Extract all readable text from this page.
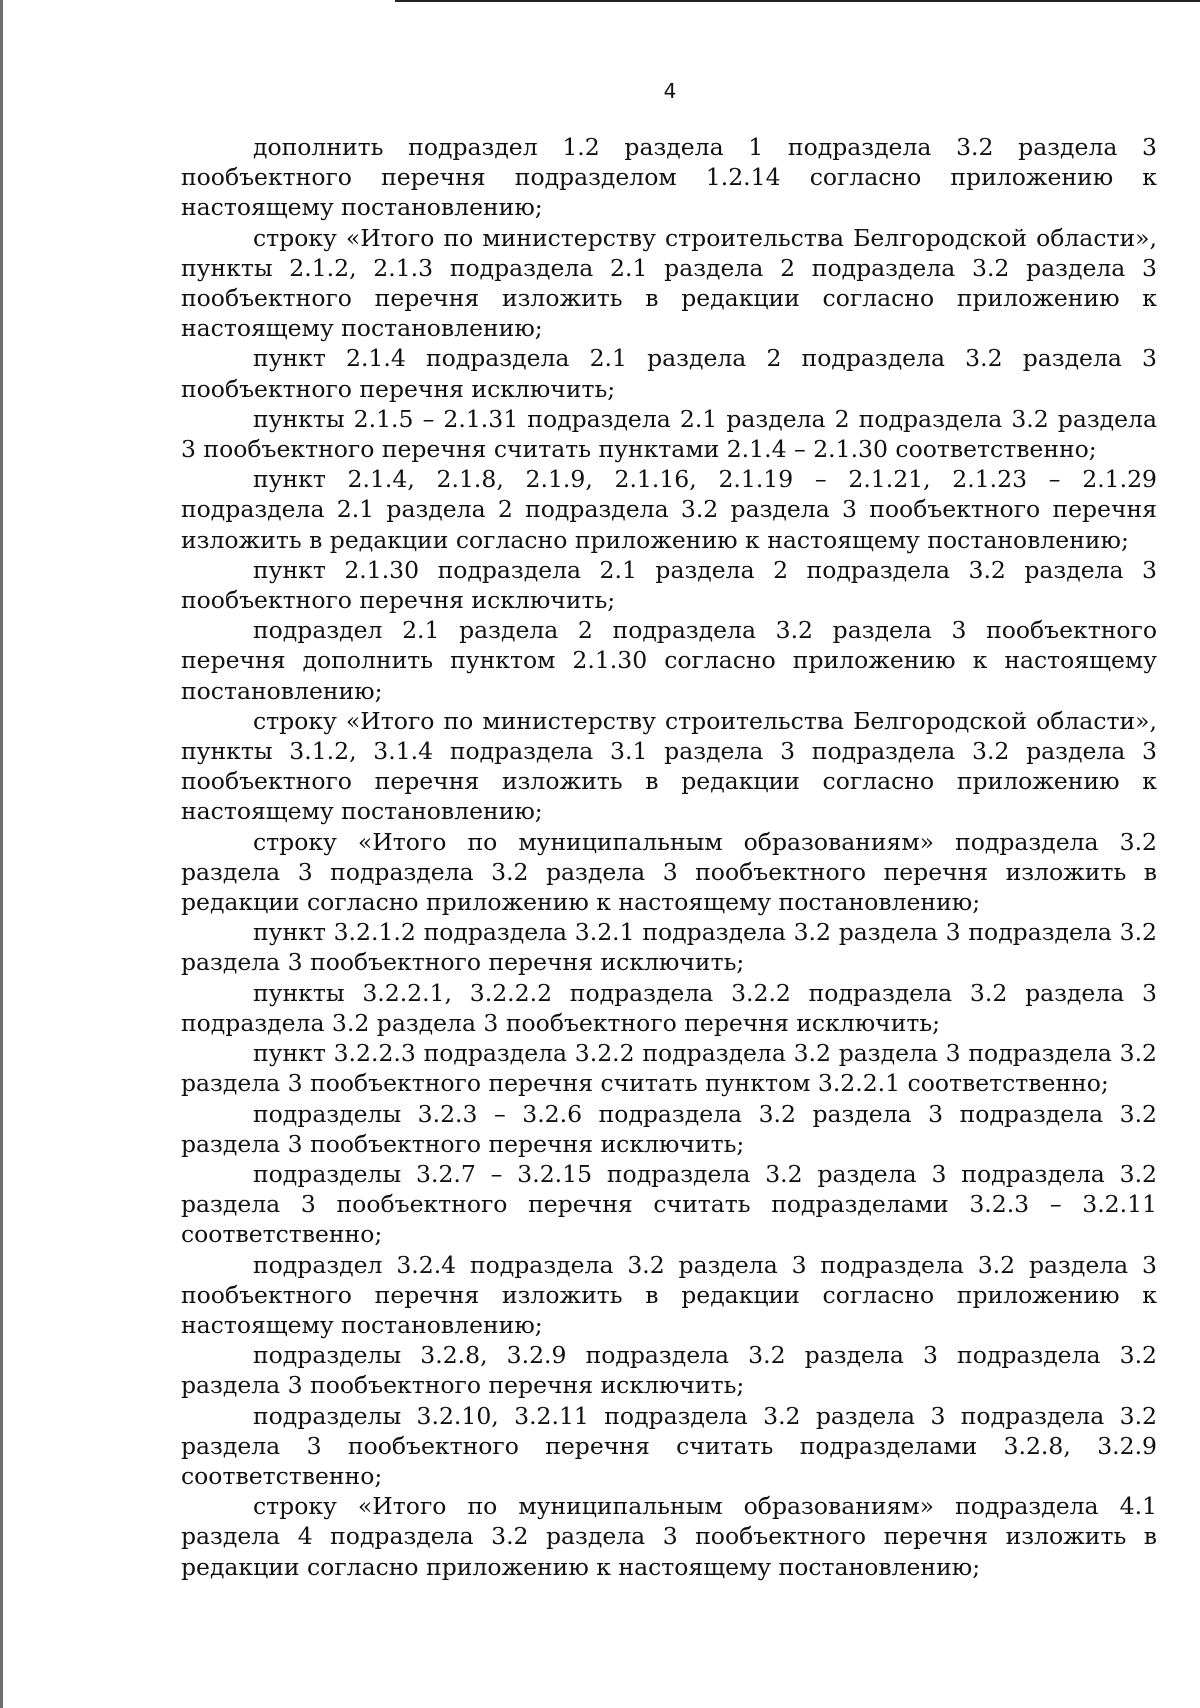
4

дополнить подраздел 1.2 раздела 1 подраздела 3.2 раздела 3 пообъектного перечня подразделом 1.2.14 согласно приложению к настоящему постановлению;

строку «Итого по министерству строительства Белгородской области», пункты 2.1.2, 2.1.3 подраздела 2.1 раздела 2 подраздела 3.2 раздела 3 пообъектного перечня изложить в редакции согласно приложению к настоящему постановлению;

пункт 2.1.4 подраздела 2.1 раздела 2 подраздела 3.2 раздела 3 пообъектного перечня исключить;

пункты 2.1.5 – 2.1.31 подраздела 2.1 раздела 2 подраздела 3.2 раздела 3 пообъектного перечня считать пунктами 2.1.4 – 2.1.30 соответственно;

пункт 2.1.4, 2.1.8, 2.1.9, 2.1.16, 2.1.19 – 2.1.21, 2.1.23 – 2.1.29 подраздела 2.1 раздела 2 подраздела 3.2 раздела 3 пообъектного перечня изложить в редакции согласно приложению к настоящему постановлению;

пункт 2.1.30 подраздела 2.1 раздела 2 подраздела 3.2 раздела 3 пообъектного перечня исключить;

подраздел 2.1 раздела 2 подраздела 3.2 раздела 3 пообъектного перечня дополнить пунктом 2.1.30 согласно приложению к настоящему постановлению;

строку «Итого по министерству строительства Белгородской области», пункты 3.1.2, 3.1.4 подраздела 3.1 раздела 3 подраздела 3.2 раздела 3 пообъектного перечня изложить в редакции согласно приложению к настоящему постановлению;

строку «Итого по муниципальным образованиям» подраздела 3.2 раздела 3 подраздела 3.2 раздела 3 пообъектного перечня изложить в редакции согласно приложению к настоящему постановлению;

пункт 3.2.1.2 подраздела 3.2.1 подраздела 3.2 раздела 3 подраздела 3.2 раздела 3 пообъектного перечня исключить;

пункты 3.2.2.1, 3.2.2.2 подраздела 3.2.2 подраздела 3.2 раздела 3 подраздела 3.2 раздела 3 пообъектного перечня исключить;

пункт 3.2.2.3 подраздела 3.2.2 подраздела 3.2 раздела 3 подраздела 3.2 раздела 3 пообъектного перечня считать пунктом 3.2.2.1 соответственно;

подразделы 3.2.3 – 3.2.6 подраздела 3.2 раздела 3 подраздела 3.2 раздела 3 пообъектного перечня исключить;

подразделы 3.2.7 – 3.2.15 подраздела 3.2 раздела 3 подраздела 3.2 раздела 3 пообъектного перечня считать подразделами 3.2.3 – 3.2.11 соответственно;

подраздел 3.2.4 подраздела 3.2 раздела 3 подраздела 3.2 раздела 3 пообъектного перечня изложить в редакции согласно приложению к настоящему постановлению;

подразделы 3.2.8, 3.2.9 подраздела 3.2 раздела 3 подраздела 3.2 раздела 3 пообъектного перечня исключить;

подразделы 3.2.10, 3.2.11 подраздела 3.2 раздела 3 подраздела 3.2 раздела 3 пообъектного перечня считать подразделами 3.2.8, 3.2.9 соответственно;

строку «Итого по муниципальным образованиям» подраздела 4.1 раздела 4 подраздела 3.2 раздела 3 пообъектного перечня изложить в редакции согласно приложению к настоящему постановлению;
